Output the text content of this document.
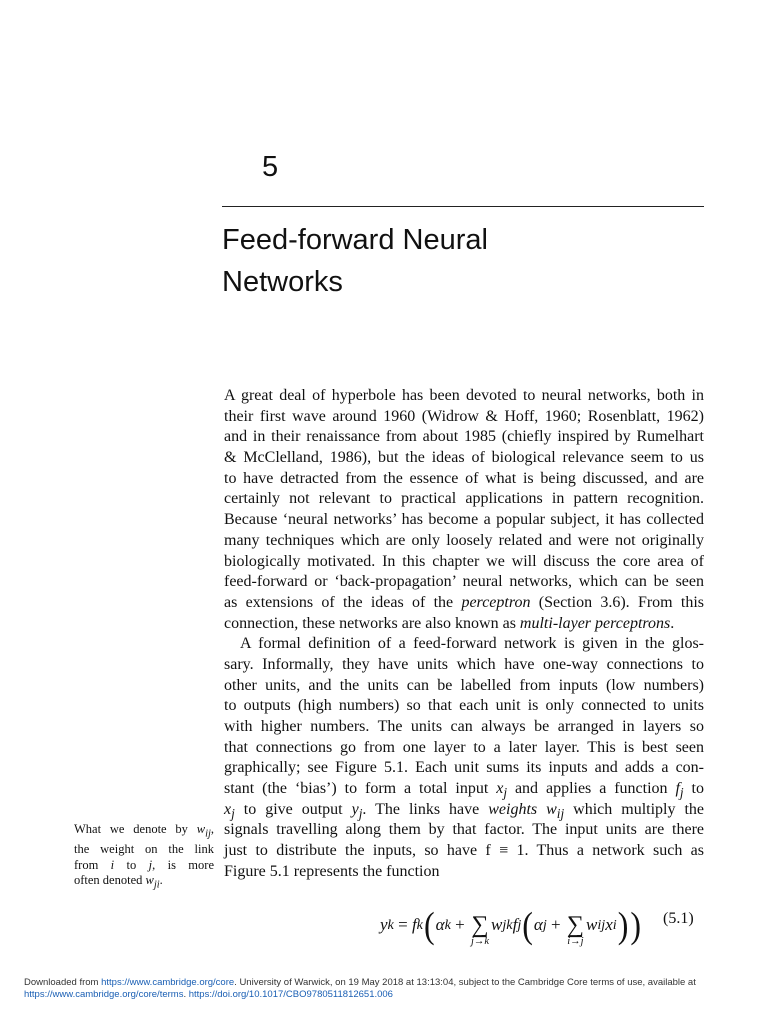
5
Feed-forward Neural
Networks
A great deal of hyperbole has been devoted to neural networks, both in
their first wave around 1960 (Widrow & Hoff, 1960; Rosenblatt, 1962)
and in their renaissance from about 1985 (chiefly inspired by Rumelhart
& McClelland, 1986), but the ideas of biological relevance seem to us
to have detracted from the essence of what is being discussed, and are
certainly not relevant to practical applications in pattern recognition.
Because ‘neural networks’ has become a popular subject, it has collected
many techniques which are only loosely related and were not originally
biologically motivated. In this chapter we will discuss the core area of
feed-forward or ‘back-propagation’ neural networks, which can be seen
as extensions of the ideas of the perceptron (Section 3.6). From this
connection, these networks are also known as multi-layer perceptrons.
A formal definition of a feed-forward network is given in the glos-
sary. Informally, they have units which have one-way connections to
other units, and the units can be labelled from inputs (low numbers)
to outputs (high numbers) so that each unit is only connected to units
with higher numbers. The units can always be arranged in layers so
that connections go from one layer to a later layer. This is best seen
graphically; see Figure 5.1. Each unit sums its inputs and adds a con-
stant (the ‘bias’) to form a total input $x_j$ and applies a function $f_j$ to
$x_j$ to give output $y_j$. The links have weights $w_{ij}$ which multiply the
signals travelling along them by that factor. The input units are there
just to distribute the inputs, so have f ≡ 1. Thus a network such as
Figure 5.1 represents the function
What we denote by $w_{ij}$,
the weight on the link
from i to j, is more
often denoted $w_{ji}$.
y k = f k ( α k + ∑
j→k
w jk f j ( α j + ∑
i→j
w ij x i ) ) (5.1)
Downloaded from https://www.cambridge.org/core. University of Warwick, on 19 May 2018 at 13:13:04, subject to the Cambridge Core terms of use, available at
https://www.cambridge.org/core/terms. https://doi.org/10.1017/CBO9780511812651.006
